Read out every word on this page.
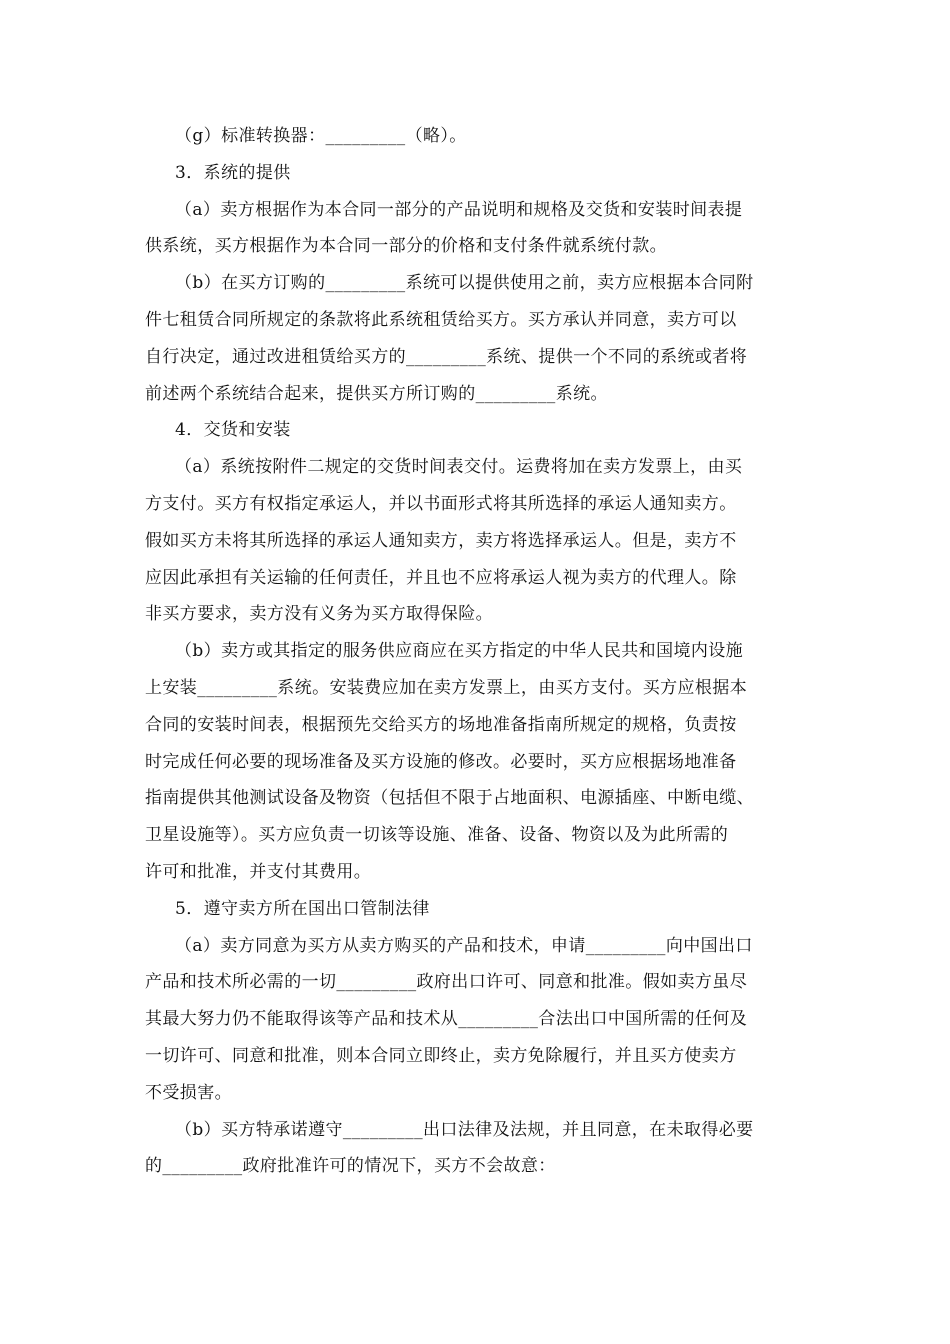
（g）标准转换器：_________（略）。
3．系统的提供
（a）卖方根据作为本合同一部分的产品说明和规格及交货和安装时间表提
供系统，买方根据作为本合同一部分的价格和支付条件就系统付款。
（b）在买方订购的_________系统可以提供使用之前，卖方应根据本合同附
件七租赁合同所规定的条款将此系统租赁给买方。买方承认并同意，卖方可以
自行决定，通过改进租赁给买方的_________系统、提供一个不同的系统或者将
前述两个系统结合起来，提供买方所订购的_________系统。
4．交货和安装
（a）系统按附件二规定的交货时间表交付。运费将加在卖方发票上，由买
方支付。买方有权指定承运人，并以书面形式将其所选择的承运人通知卖方。
假如买方未将其所选择的承运人通知卖方，卖方将选择承运人。但是，卖方不
应因此承担有关运输的任何责任，并且也不应将承运人视为卖方的代理人。除
非买方要求，卖方没有义务为买方取得保险。
（b）卖方或其指定的服务供应商应在买方指定的中华人民共和国境内设施
上安装_________系统。安装费应加在卖方发票上，由买方支付。买方应根据本
合同的安装时间表，根据预先交给买方的场地准备指南所规定的规格，负责按
时完成任何必要的现场准备及买方设施的修改。必要时，买方应根据场地准备
指南提供其他测试设备及物资（包括但不限于占地面积、电源插座、中断电缆、
卫星设施等）。买方应负责一切该等设施、准备、设备、物资以及为此所需的
许可和批准，并支付其费用。
5．遵守卖方所在国出口管制法律
（a）卖方同意为买方从卖方购买的产品和技术，申请_________向中国出口
产品和技术所必需的一切_________政府出口许可、同意和批准。假如卖方虽尽
其最大努力仍不能取得该等产品和技术从_________合法出口中国所需的任何及
一切许可、同意和批准，则本合同立即终止，卖方免除履行，并且买方使卖方
不受损害。
（b）买方特承诺遵守_________出口法律及法规，并且同意，在未取得必要
的_________政府批准许可的情况下，买方不会故意：
